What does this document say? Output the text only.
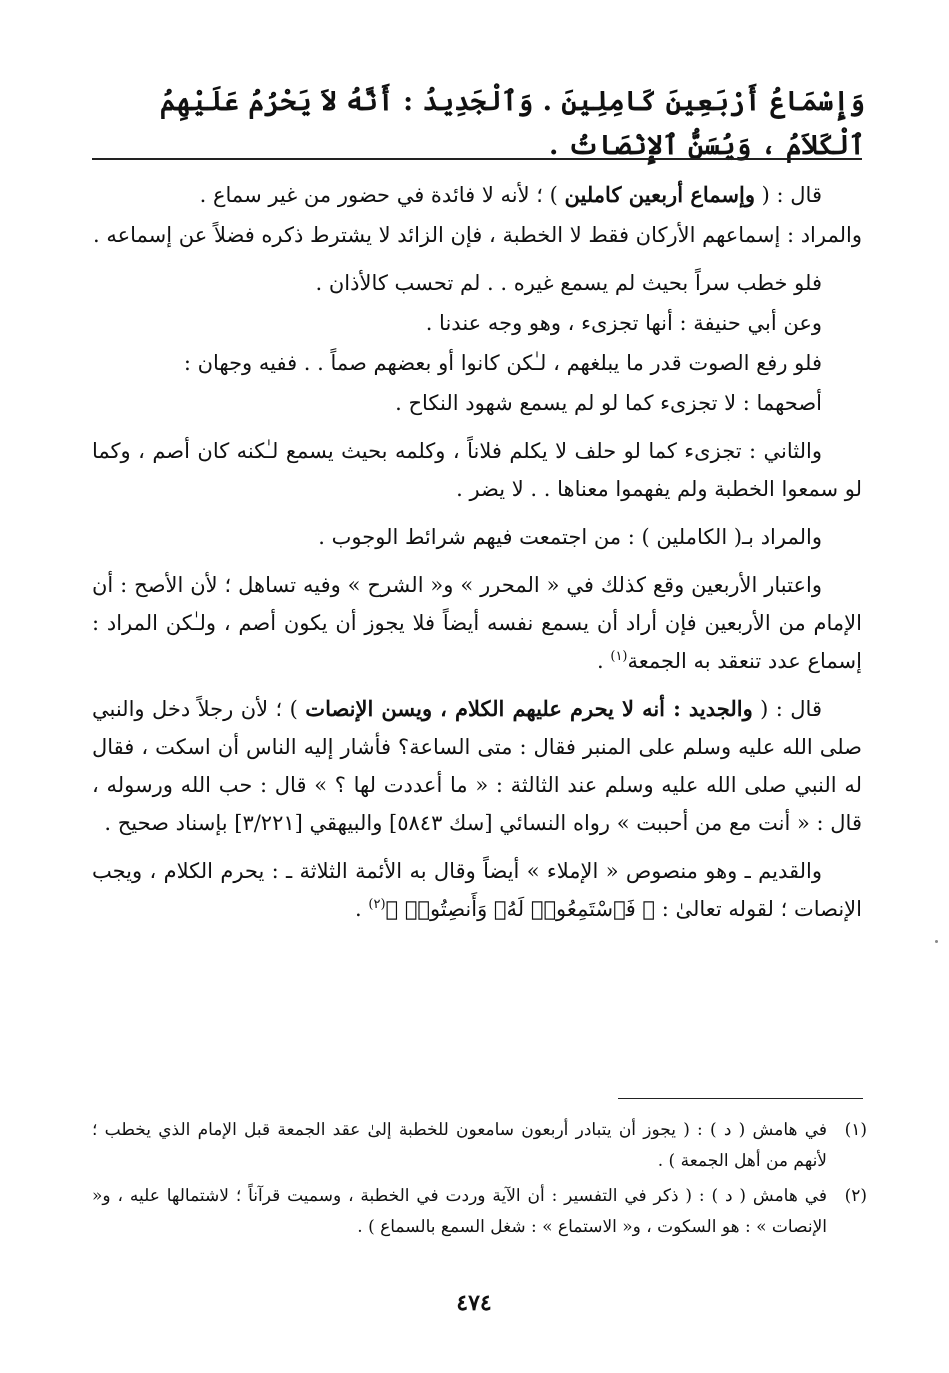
وَإِسْمَاعُ أَرْبَعِينَ كَامِلِينَ . وَٱلْجَدِيدُ : أَنَّهُ لاَ يَحْرُمُ عَلَيْهِمُ ٱلْكَلاَمُ ، وَيُسَنُّ ٱلإِنْصَاتُ .

قال : ( وإسماع أربعين كاملين ) ؛ لأنه لا فائدة في حضور من غير سماع .

والمراد : إسماعهم الأركان فقط لا الخطبة ، فإن الزائد لا يشترط ذكره فضلاً عن إسماعه .

فلو خطب سراً بحيث لم يسمع غيره . . لم تحسب كالأذان .

وعن أبي حنيفة : أنها تجزىء ، وهو وجه عندنا .

فلو رفع الصوت قدر ما يبلغهم ، لـٰكن كانوا أو بعضهم صماً . . ففيه وجهان :

أصحهما : لا تجزىء كما لو لم يسمع شهود النكاح .

والثاني : تجزىء كما لو حلف لا يكلم فلاناً ، وكلمه بحيث يسمع لـٰكنه كان أصم ، وكما لو سمعوا الخطبة ولم يفهموا معناها . . لا يضر .

والمراد بـ( الكاملين ) : من اجتمعت فيهم شرائط الوجوب .

واعتبار الأربعين وقع كذلك في « المحرر » و« الشرح » وفيه تساهل ؛ لأن الأصح : أن الإمام من الأربعين فإن أراد أن يسمع نفسه أيضاً فلا يجوز أن يكون أصم ، ولـٰكن المراد : إسماع عدد تنعقد به الجمعة$^{(١)}$ .

قال : ( والجديد : أنه لا يحرم عليهم الكلام ، ويسن الإنصات ) ؛ لأن رجلاً دخل والنبي صلى الله عليه وسلم على المنبر فقال : متى الساعة؟ فأشار إليه الناس أن اسكت ، فقال له النبي صلى الله عليه وسلم عند الثالثة : « ما أعددت لها ؟ » قال : حب الله ورسوله ، قال : « أنت مع من أحببت » رواه النسائي [سك ٥٨٤٣] والبيهقي [٣/٢٢١] بإسناد صحيح .

والقديم ـ وهو منصوص « الإملاء » أيضاً وقال به الأئمة الثلاثة ـ : يحرم الكلام ، ويجب الإنصات ؛ لقوله تعالىٰ : ﴿ فَٱسْتَمِعُوا۟ لَهُۥ وَأَنصِتُوا۟ ﴾$^{(٢)}$ .

(١)
في هامش ( د ) : ( يجوز أن يتبادر أربعون سامعون للخطبة إلىٰ عقد الجمعة قبل الإمام الذي يخطب ؛ لأنهم من أهل الجمعة ) .
(٢)
في هامش ( د ) : ( ذكر في التفسير : أن الآية وردت في الخطبة ، وسميت قرآناً ؛ لاشتمالها عليه ، و« الإنصات » : هو السكوت ، و« الاستماع » : شغل السمع بالسماع ) .
٤٧٤
